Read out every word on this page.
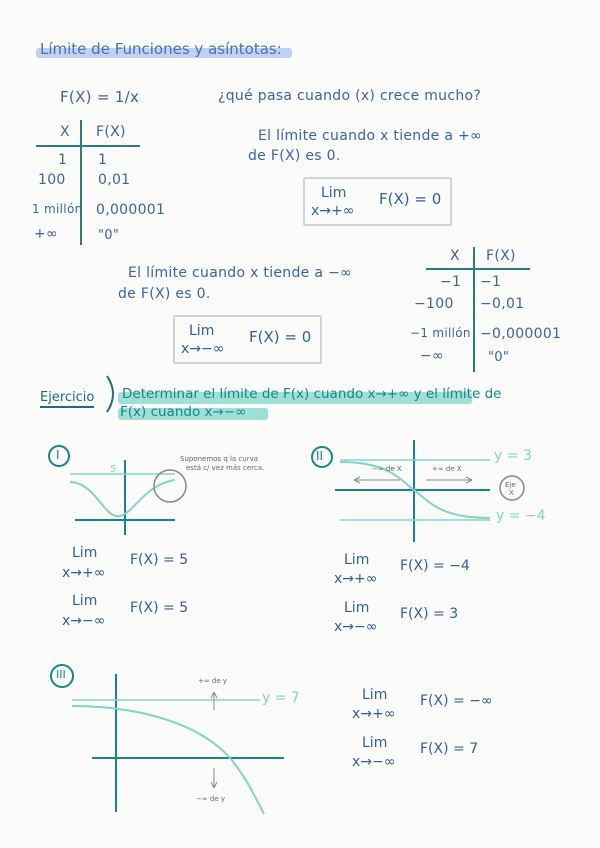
Límite de Funciones y asíntotas:
F(X) = 1/x	¿qué pasa cuando (x) crece mucho?
X F(X)
1 1
100 0,01
1 millón 0,000001
+∞	"0"
El límite cuando x tiende a +∞
de F(X) es 0.
Lim
x→+∞
F(X) = 0
El límite cuando x tiende a −∞
de F(X) es 0.
Lim
x→−∞
F(X) = 0
X F(X)
−1 −1
−100 −0,01
−1 millón −0,000001
−∞	"0"
Ejercicio Determinar el límite de F(x) cuando x→+∞ y el límite de
F(x) cuando x→−∞
I
5
Suponemos q la curva
está c/ vez más cerca.
II	y = 3
y = −4
−∞ de X	+∞ de X
Eje
X
Lim
x→+∞
F(X) = 5
Lim
x→−∞
F(X) = 5
Lim
x→+∞
F(X) = −4
Lim
x→−∞
F(X) = 3
III
y = 7
+∞ de y
−∞ de y
Lim
x→+∞
F(X) = −∞
Lim
x→−∞
F(X) = 7
